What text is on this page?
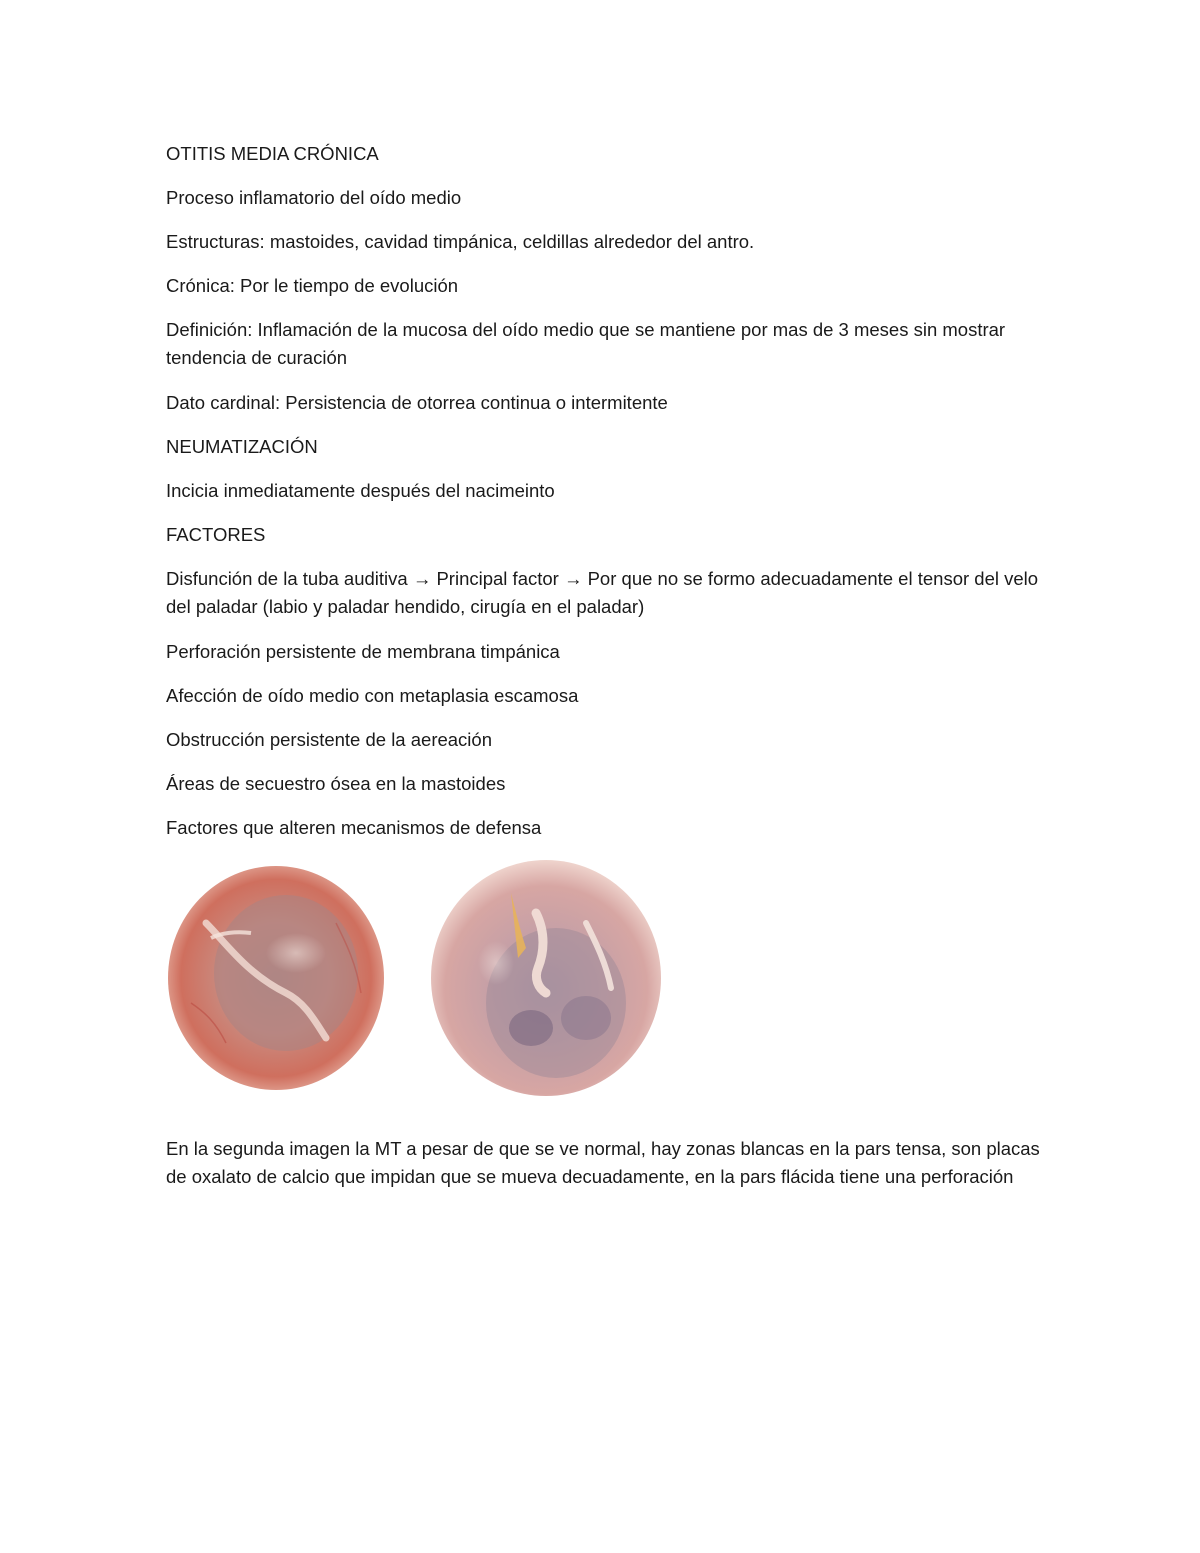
OTITIS MEDIA CRÓNICA

Proceso inflamatorio del oído medio

Estructuras: mastoides, cavidad timpánica, celdillas alrededor del antro.

Crónica: Por le tiempo de evolución

Definición: Inflamación de la mucosa del oído medio que se mantiene por mas de 3 meses sin mostrar tendencia de curación

Dato cardinal: Persistencia de otorrea continua o intermitente

NEUMATIZACIÓN

Incicia inmediatamente después del nacimeinto

FACTORES

Disfunción de la tuba auditiva → Principal factor → Por que no se formo adecuadamente el tensor del velo del paladar (labio y paladar hendido, cirugía en el paladar)

Perforación persistente de membrana timpánica

Afección de oído medio con metaplasia escamosa

Obstrucción persistente de la aereación

Áreas de secuestro ósea en la mastoides

Factores que alteren mecanismos de defensa

En la segunda imagen la MT a pesar de que se ve normal, hay zonas blancas en la pars tensa, son placas de oxalato de calcio que impidan que se mueva decuadamente, en la pars flácida tiene una perforación
